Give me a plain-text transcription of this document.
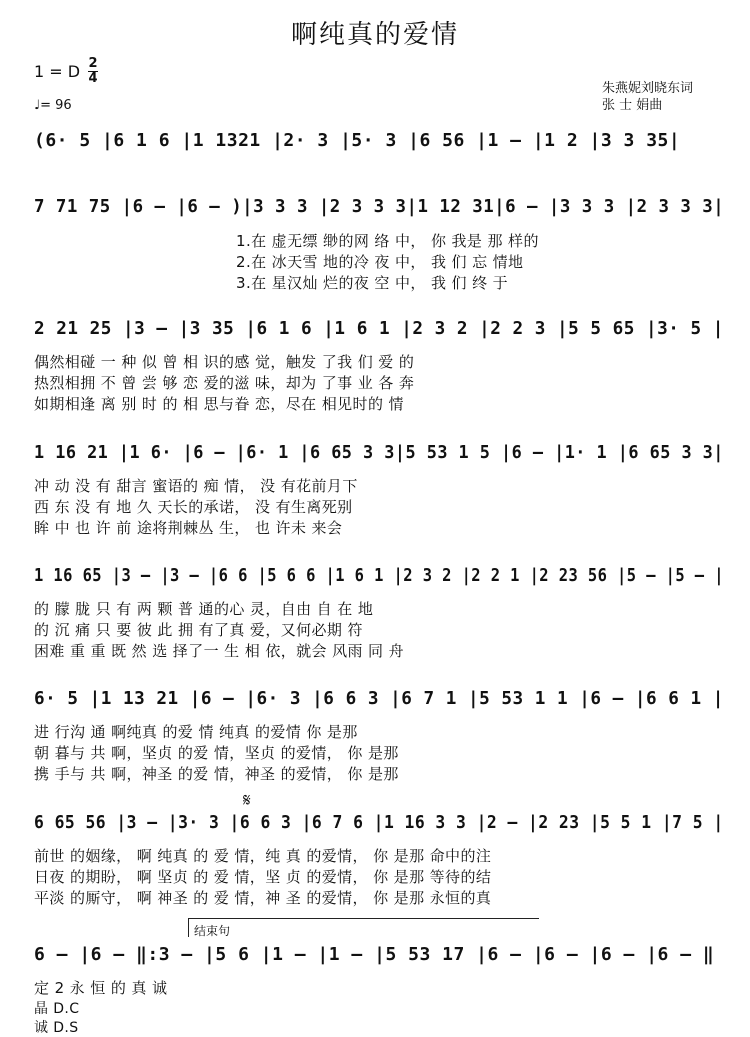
啊纯真的爱情
1 = D 2
4
♩= 96
朱燕妮刘晓东词
张 士 娟曲
(6· 5 |6 1 6 |1 1321 |2· 3 |5· 3 |6 56 |1 – |1 2 |3 3 35|
7 71 75 |6 – |6 – )|3 3 3 |2 3 3 3|1 12 31|6 – |3 3 3 |2 3 3 3|
1.在 虚无缥 缈的网 络 中， 你 我是 那 样的
2.在 冰天雪 地的冷 夜 中， 我 们 忘 情地
3.在 星汉灿 烂的夜 空 中， 我 们 终 于
2 21 25 |3 – |3 35 |6 1 6 |1 6 1 |2 3 2 |2 2 3 |5 5 65 |3· 5 |
偶然相碰 一 种 似 曾 相 识的感 觉，触发 了我 们 爱 的
热烈相拥 不 曾 尝 够 恋 爱的滋 味，却为 了事 业 各 奔
如期相逢 离 别 时 的 相 思与眷 恋，尽在 相见时的 情
1 16 21 |1 6· |6 – |6· 1 |6 65 3 3|5 53 1 5 |6 – |1· 1 |6 65 3 3|
冲 动 没 有 甜言 蜜语的 痴 情， 没 有花前月下
西 东 没 有 地 久 天长的承诺， 没 有生离死别
眸 中 也 许 前 途将荆棘丛 生， 也 许未 来会
1 16 65 |3 – |3 – |6 6 |5 6 6 |1 6 1 |2 3 2 |2 2 1 |2 23 56 |5 – |5 – |
的 朦 胧 只 有 两 颗 普 通的心 灵，自由 自 在 地
的 沉 痛 只 要 彼 此 拥 有了真 爱，又何必期 符
困难 重 重 既 然 选 择了一 生 相 依，就会 风雨 同 舟
6· 5 |1 13 21 |6 – |6· 3 |6 6 3 |6 7 1 |5 53 1 1 |6 – |6 6 1 |
进 行沟 通 啊纯真 的爱 情 纯真 的爱情 你 是那
朝 暮与 共 啊，坚贞 的爱 情，坚贞 的爱情， 你 是那
携 手与 共 啊，神圣 的爱 情，神圣 的爱情， 你 是那
𝄋
6 65 56 |3 – |3· 3 |6 6 3 |6 7 6 |1 16 3 3 |2 – |2 23 |5 5 1 |7 5 |
前世 的姻缘， 啊 纯真 的 爱 情，纯 真 的爱情， 你 是那 命中的注
日夜 的期盼， 啊 坚贞 的 爱 情，坚 贞 的爱情， 你 是那 等待的结
平淡 的厮守， 啊 神圣 的 爱 情，神 圣 的爱情， 你 是那 永恒的真
结束句
6 – |6 – ‖:3 – |5 6 |1 – |1 – |5 53 17 |6 – |6 – |6 – |6 – ‖
定 2 永 恒 的 真 诚
晶 D.C
诚 D.S
